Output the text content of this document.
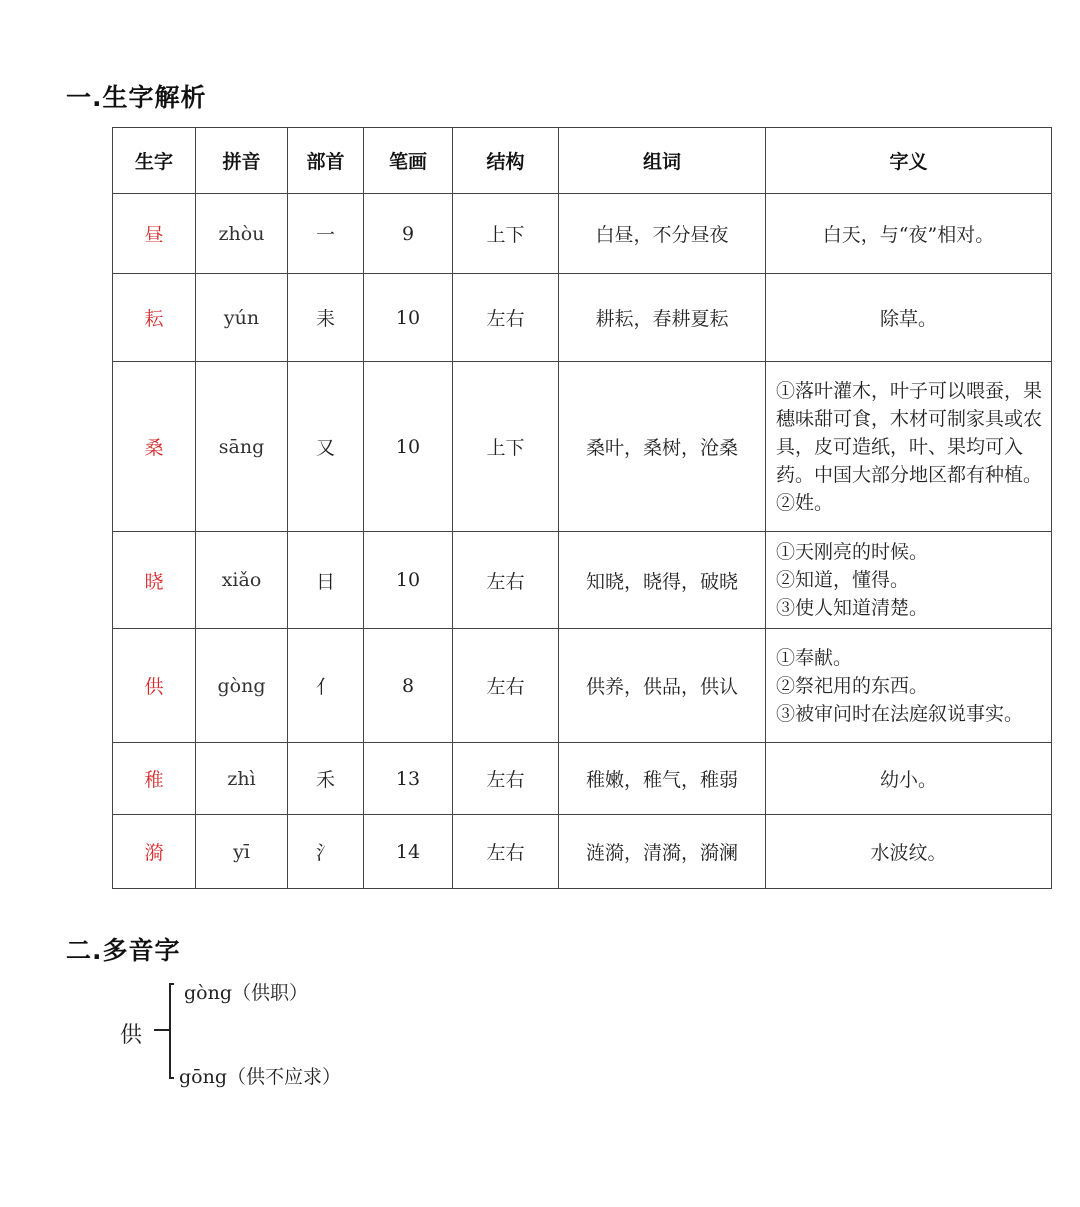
一.生字解析
生字	拼音	部首	笔画	结构	组词	字义
昼	zhòu	一	9	上下	白昼，不分昼夜	白天，与“夜”相对。

耘	yún	耒	10	左右	耕耘，春耕夏耘	除草。

桑	sāng	又	10	上下	桑叶，桑树，沧桑	①落叶灌木，叶子可以喂蚕，果穗味甜可食，木材可制家具或农具，皮可造纸，叶、果均可入药。中国大部分地区都有种植。
②姓。

晓	xiǎo	日	10	左右	知晓，晓得，破晓	①天刚亮的时候。
②知道，懂得。
③使人知道清楚。

供	gòng	亻	8	左右	供养，供品，供认	①奉献。
②祭祀用的东西。
③被审问时在法庭叙说事实。

稚	zhì	禾	13	左右	稚嫩，稚气，稚弱	幼小。

漪	yī	氵	14	左右	涟漪，清漪，漪澜	水波纹。
二.多音字
供
gòng（供职）
gōng（供不应求）
